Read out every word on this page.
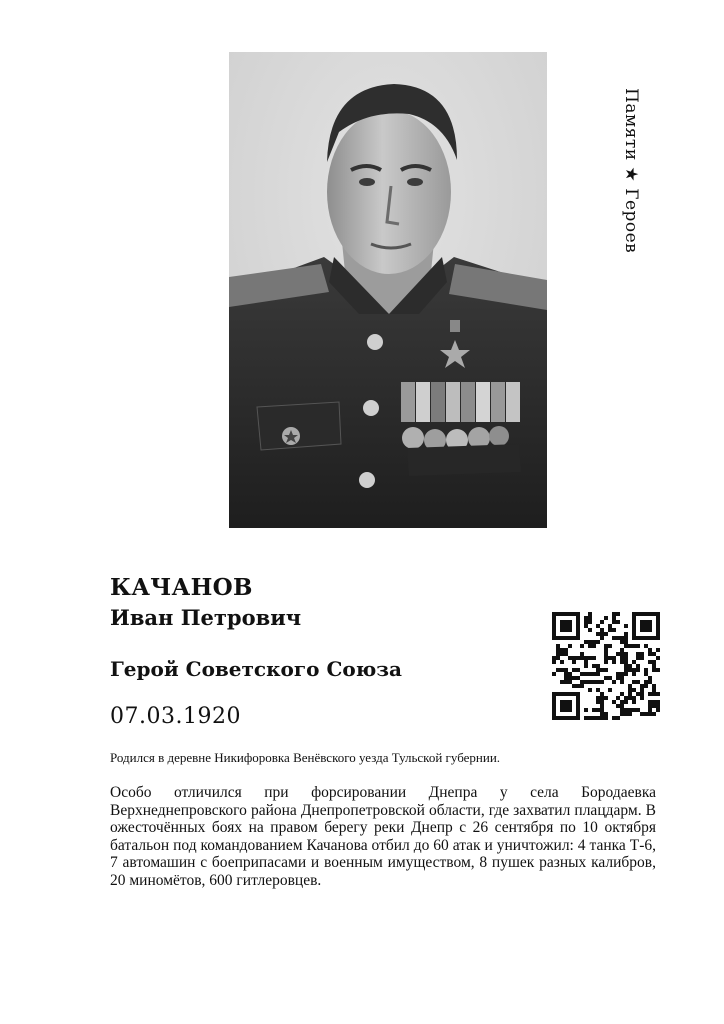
Памяти ★ Героев
КАЧАНОВ
Иван Петрович
Герой Советского Союза
07.03.1920
Родился в деревне Никифоровка Венёвского уезда Тульской губернии.
Особо отличился при форсировании Днепра у села Бородаевка Верхнеднепровского района Днепропетровской области, где захватил плацдарм. В ожесточённых боях на правом берегу реки Днепр с 26 сентября по 10 октября батальон под командованием Качанова отбил до 60 атак и уничтожил: 4 танка Т-6, 7 автомашин с боеприпасами и военным имуществом, 8 пушек разных калибров, 20 миномётов, 600 гитлеровцев.
